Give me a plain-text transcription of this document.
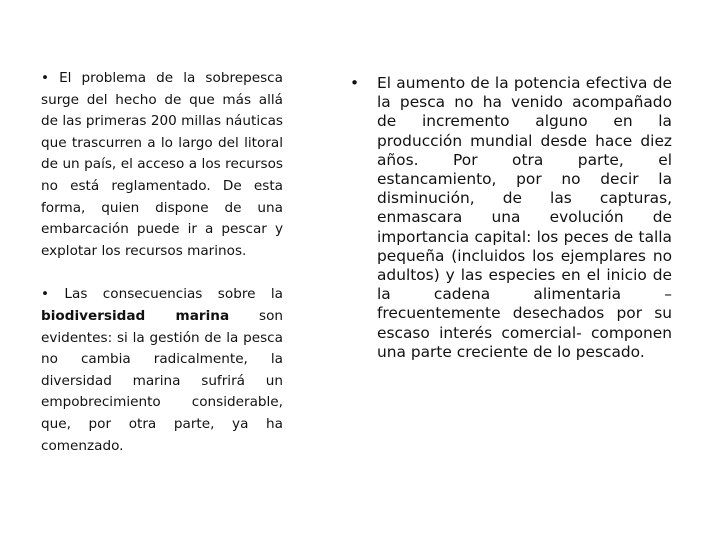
• El problema de la sobrepesca surge del hecho de que más allá de las primeras 200 millas náuticas que trascurren a lo largo del litoral de un país, el acceso a los recursos no está reglamentado. De esta forma, quien dispone de una embarcación puede ir a pescar y explotar los recursos marinos.

• Las consecuencias sobre la biodiversidad marina son evidentes: si la gestión de la pesca no cambia radicalmente, la diversidad marina sufrirá un empobrecimiento considerable, que, por otra parte, ya ha comenzado.

• El aumento de la potencia efectiva de la pesca no ha venido acompañado de incremento alguno en la producción mundial desde hace diez años. Por otra parte, el estancamiento, por no decir la disminución, de las capturas, enmascara una evolución de importancia capital: los peces de talla pequeña (incluidos los ejemplares no adultos) y las especies en el inicio de la cadena alimentaria –frecuentemente desechados por su escaso interés comercial- componen una parte creciente de lo pescado.
